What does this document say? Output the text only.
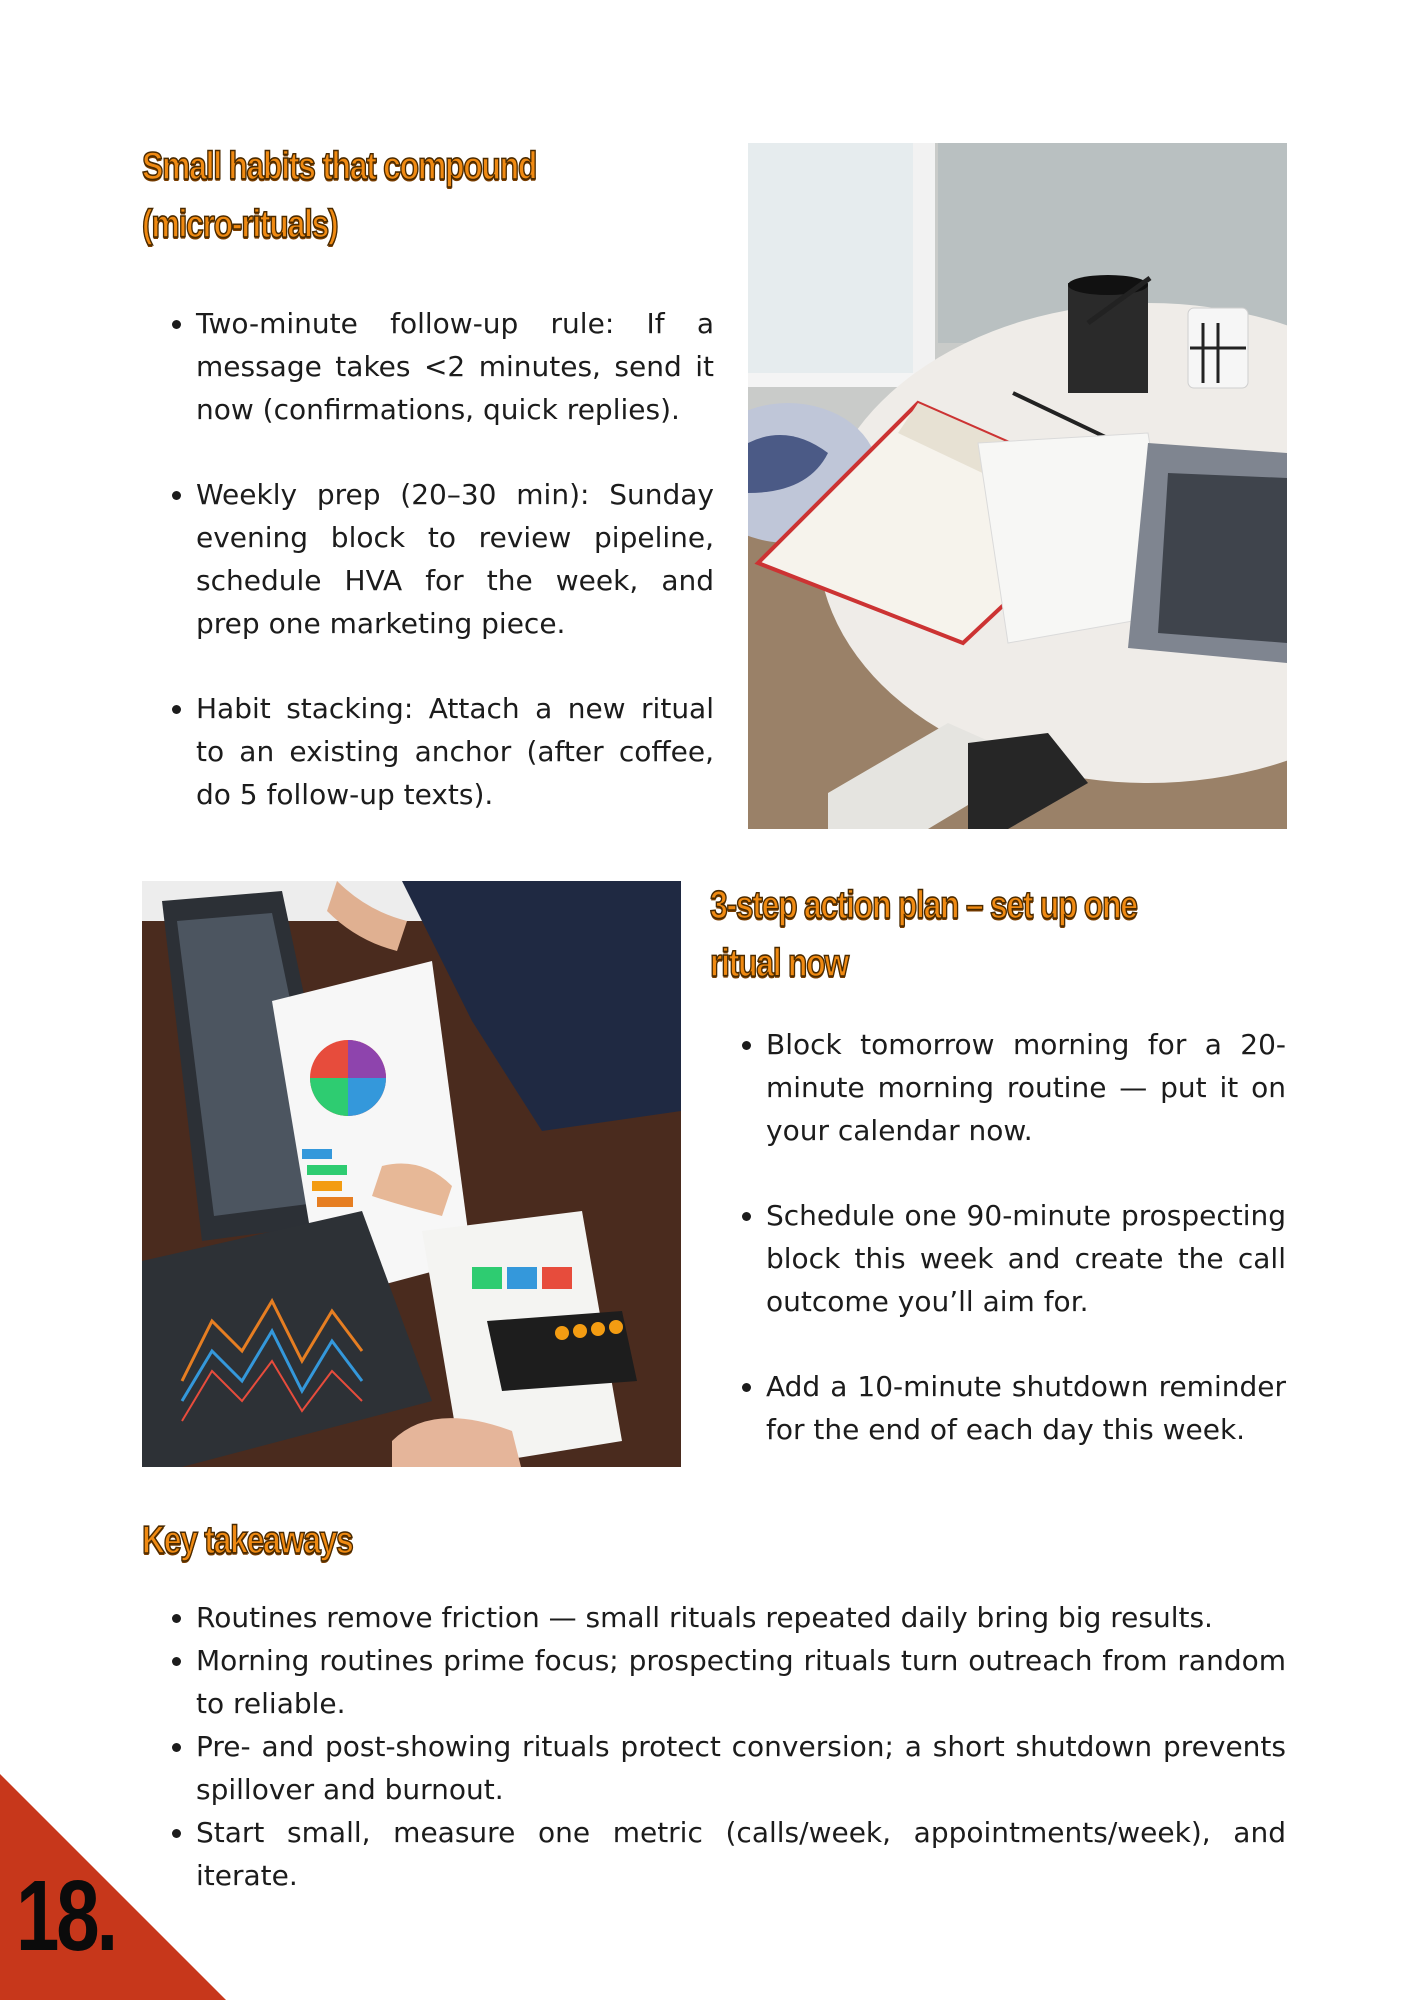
Small habits that compound
(micro-rituals)
• Two-minute follow-up rule: If a message takes <2 minutes, send it now (confirmations, quick replies).
• Weekly prep (20–30 min): Sunday evening block to review pipeline, schedule HVA for the week, and prep one marketing piece.
• Habit stacking: Attach a new ritual to an existing anchor (after coffee, do 5 follow-up texts).
3-step action plan – set up one
ritual now
• Block tomorrow morning for a 20-minute morning routine — put it on your calendar now.
• Schedule one 90-minute prospecting block this week and create the call outcome you’ll aim for.
• Add a 10-minute shutdown reminder for the end of each day this week.
Key takeaways
• Routines remove friction — small rituals repeated daily bring big results.
• Morning routines prime focus; prospecting rituals turn outreach from random to reliable.
• Pre- and post-showing rituals protect conversion; a short shutdown prevents spillover and burnout.
• Start small, measure one metric (calls/week, appointments/week), and iterate.
18.
